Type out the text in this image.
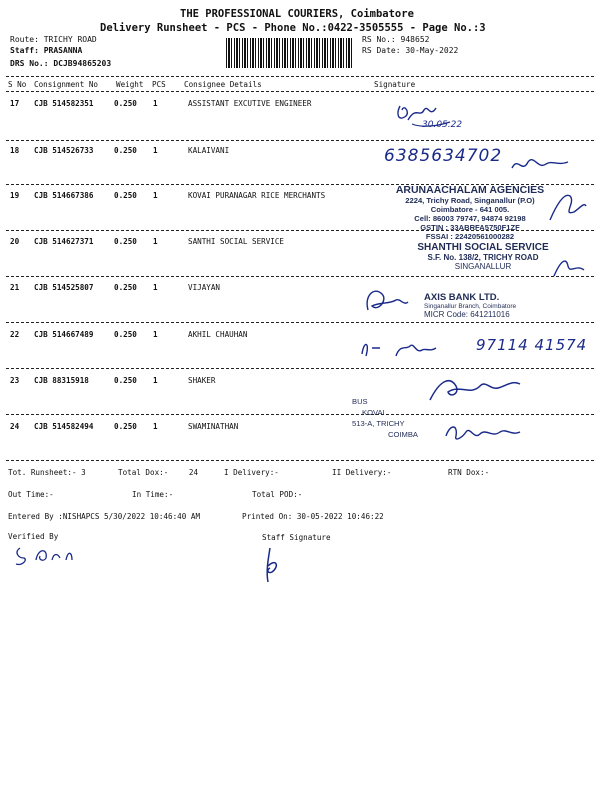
THE PROFESSIONAL COURIERS, Coimbatore
Delivery Runsheet - PCS - Phone No.:0422-3505555 - Page No.:3
Route: TRICHY ROAD
Staff: PRASANNA
DRS No.: DCJB94865203
RS No.: 948652
RS Date: 30-May-2022
S No Consignment No Weight PCS Consignee Details	Signature
17 CJB 514582351	0.250 1	ASSISTANT EXCUTIVE ENGINEER
18 CJB 514526733	0.250 1	KALAIVANI
19 CJB 514667386	0.250 1	KOVAI PURANAGAR RICE MERCHANTS
20 CJB 514627371	0.250 1	SANTHI SOCIAL SERVICE
21 CJB 514525807	0.250 1	VIJAYAN
22 CJB 514667489	0.250 1	AKHIL CHAUHAN
23 CJB 88315918	0.250 1	SHAKER
24 CJB 514582494	0.250 1	SWAMINATHAN
30.05.22
6385634702
ARUNAACHALAM AGENCIES
2224, Trichy Road, Singanallur (P.O)
Coimbatore - 641 005.
Cell: 86003 79747, 94874 92198
GSTIN : 33ABRFA5750F1ZF
FSSAI : 22420561000282
SHANTHI SOCIAL SERVICE
S.F. No. 138/2, TRICHY ROAD
SINGANALLUR
AXIS BANK LTD.
Singanallur Branch, Coimbatore
MICR Code: 641211016
97114 41574
BUS
KOVAI
513-A, TRICHY
COIMBA
Tot. Runsheet:- 3	Total Dox:-	24	I Delivery:-	II Delivery:-	RTN Dox:-
Out Time:-	In Time:-	Total POD:-
Entered By :NISHAPCS 5/30/2022 10:46:40 AM	Printed On: 30-05-2022 10:46:22
Verified By	Staff Signature
